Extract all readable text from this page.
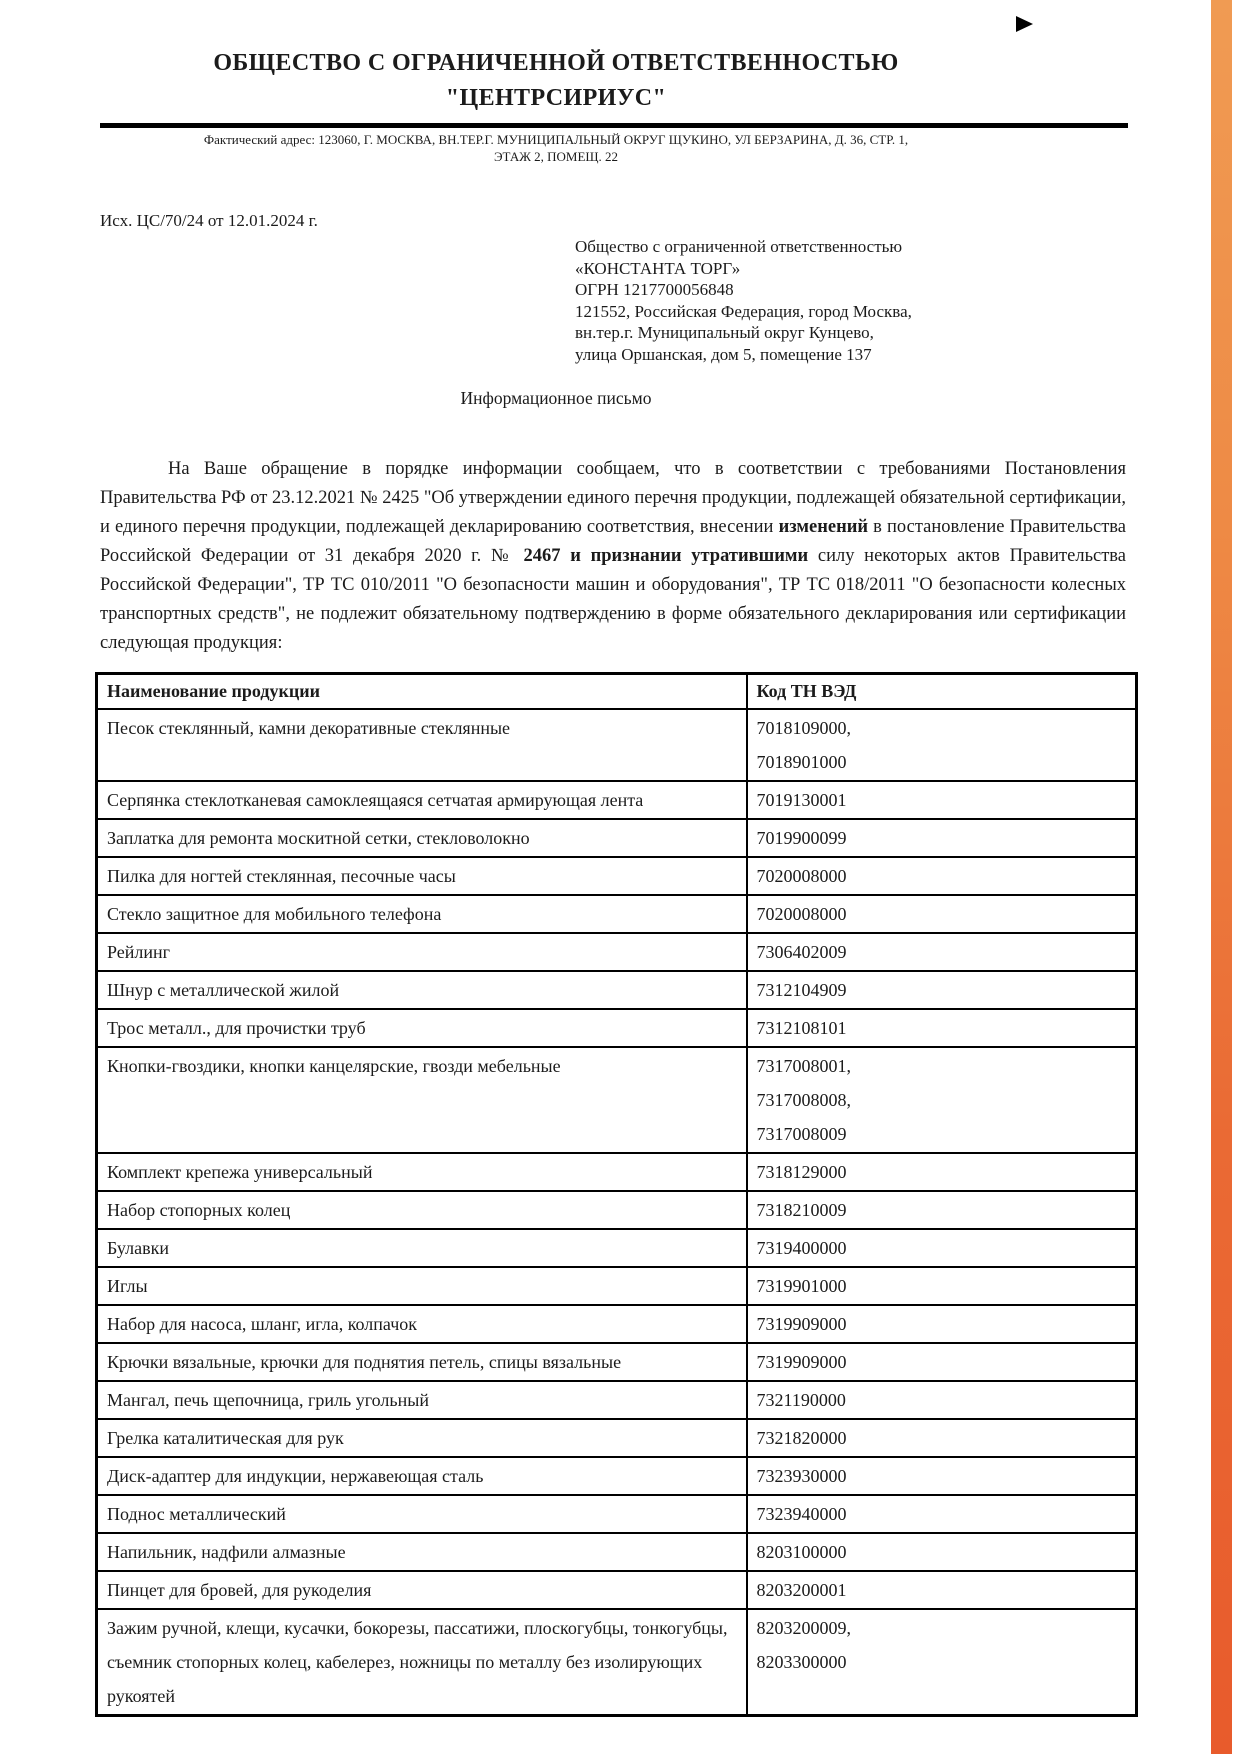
ОБЩЕСТВО С ОГРАНИЧЕННОЙ ОТВЕТСТВЕННОСТЬЮ
"ЦЕНТРСИРИУС"
Фактический адрес: 123060, Г. МОСКВА, ВН.ТЕР.Г. МУНИЦИПАЛЬНЫЙ ОКРУГ ЩУКИНО, УЛ БЕРЗАРИНА, Д. 36, СТР. 1,
ЭТАЖ 2, ПОМЕЩ. 22
Исх. ЦС/70/24 от 12.01.2024 г.
Общество с ограниченной ответственностью
«КОНСТАНТА ТОРГ»
ОГРН 1217700056848
121552, Российская Федерация, город Москва,
вн.тер.г. Муниципальный округ Кунцево,
улица Оршанская, дом 5, помещение 137
Информационное письмо

На Ваше обращение в порядке информации сообщаем, что в соответствии с требованиями Постановления Правительства РФ от 23.12.2021 № 2425 "Об утверждении единого перечня продукции, подлежащей обязательной сертификации, и единого перечня продукции, подлежащей декларированию соответствия, внесении изменений в постановление Правительства Российской Федерации от 31 декабря 2020 г. № 2467 и признании утратившими силу некоторых актов Правительства Российской Федерации", ТР ТС 010/2011 "О безопасности машин и оборудования", ТР ТС 018/2011 "О безопасности колесных транспортных средств", не подлежит обязательному подтверждению в форме обязательного декларирования или сертификации следующая продукция:

Наименование продукции	Код ТН ВЭД
Песок стеклянный, камни декоративные стеклянные	7018109000,
7018901000
Серпянка стеклотканевая самоклеящаяся сетчатая армирующая лента	7019130001
Заплатка для ремонта москитной сетки, стекловолокно	7019900099
Пилка для ногтей стеклянная, песочные часы	7020008000
Стекло защитное для мобильного телефона	7020008000
Рейлинг	7306402009
Шнур с металлической жилой	7312104909
Трос металл., для прочистки труб	7312108101
Кнопки-гвоздики, кнопки канцелярские, гвозди мебельные	7317008001,
7317008008,
7317008009
Комплект крепежа универсальный	7318129000
Набор стопорных колец	7318210009
Булавки	7319400000
Иглы	7319901000
Набор для насоса, шланг, игла, колпачок	7319909000
Крючки вязальные, крючки для поднятия петель, спицы вязальные	7319909000
Мангал, печь щепочница, гриль угольный	7321190000
Грелка каталитическая для рук	7321820000
Диск-адаптер для индукции, нержавеющая сталь	7323930000
Поднос металлический	7323940000
Напильник, надфили алмазные	8203100000
Пинцет для бровей, для рукоделия	8203200001
Зажим ручной, клещи, кусачки, бокорезы, пассатижи, плоскогубцы, тонкогубцы, съемник стопорных колец, кабелерез, ножницы по металлу без изолирующих рукоятей	8203200009,
8203300000
